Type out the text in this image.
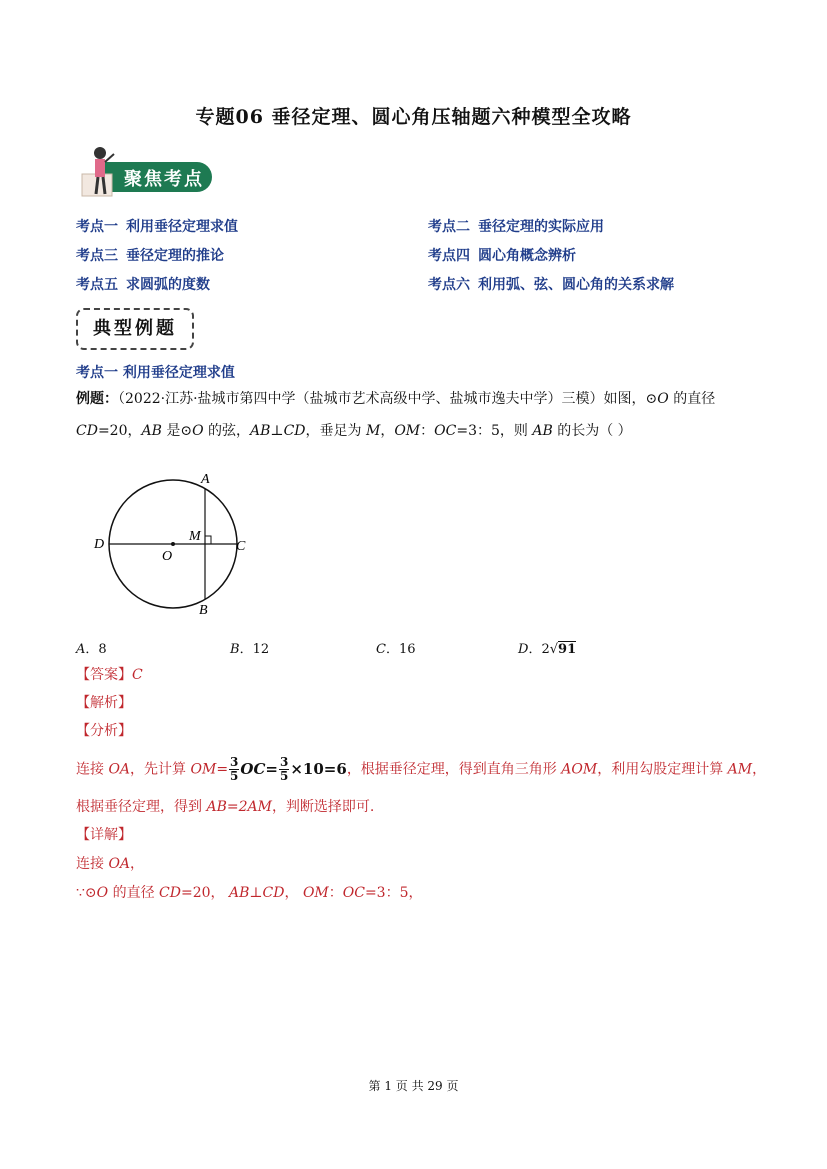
专题06 垂径定理、圆心角压轴题六种模型全攻略
聚焦考点
考点一 利用垂径定理求值	考点二 垂径定理的实际应用
考点三 垂径定理的推论	考点四 圆心角概念辨析
考点五 求圆弧的度数	考点六 利用弧、弦、圆心角的关系求解
典型例题
考点一 利用垂径定理求值
例题：（2022·江苏·盐城市第四中学（盐城市艺术高级中学、盐城市逸夫中学）三模）如图，⊙O 的直径
CD=20，AB 是⊙O 的弦，AB⊥CD，垂足为 M，OM：OC=3：5，则 AB 的长为（ ）
A
B
C
D
O
M
A．8	B．12	C．16	D．2√91
【答案】C
【解析】
【分析】
连接 OA，先计算 $OM= \frac{3}{5}OC= \frac{3}{5}\times 10=6$，根据垂径定理，得到直角三角形 AOM，利用勾股定理计算 AM，
根据垂径定理，得到 AB=2AM，判断选择即可.
【详解】
连接 OA，
∵⊙O 的直径 CD=20， AB⊥CD， OM：OC=3：5，
第 1 页 共 29 页
